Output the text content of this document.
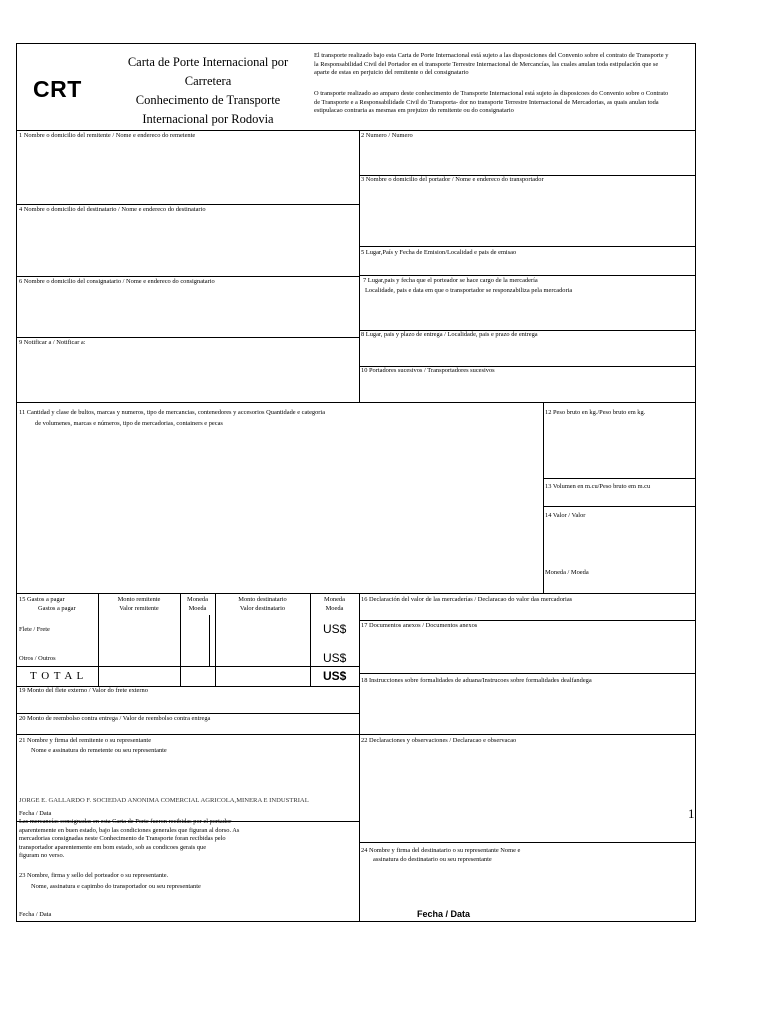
CRT
Carta de Porte Internacional por
Carretera
Conhecimento de Transporte
Internacional por Rodovia
El transporte realizado bajo esta Carta de Porte Internacional está sujeto a las disposiciones del Convenio sobre el contrato de Transporte y la Responsabilidad Civil del Portador en el transporte Terrestre Internacional de Mercancías, las cuales anulan toda estipulación que se aparte de estas en perjuicio del remitente o del consignatario
O transporte realizado ao amparo deste conhecimento de Transporte Internacional está sujeto às disposicoes do Convenio sobre o Contrato de Transporte e a Responsabilidade Civil do Transporta- dor no transporte Terrestre Internacional de Mercadorias, as quais anulan toda estipulacao contraria as mesmas em prejuizo do remitente ou do consignatario
1 Nombre o domicilio del remitente / Nome e endereco do remetente	2 Numero / Numero
3 Nombre o domicilio del portador / Nome e endereco do transportador
4 Nombre o domicilio del destinatario / Nome e endereco do destinatario
5 Lugar,País y Fecha de Emision/Localidad e pais de emisao
6 Nombre o domicilio del consignatario / Nome e endereco do consignatario	7 Lugar,pais y fecha que el porteador se hace cargo de la mercadería
Localidade, pais e data em que o transportador se responzabiliza pela mercadoria
8 Lugar, pais y plazo de entrega / Localidade, pais e prazo de entrega
9 Notificar a / Notificar a:
10 Portadores sucesivos / Transportadores sucesivos
11 Cantidad y clase de bultos, marcas y numeros, tipo de mercancias, contenedores y accesorios Quantidade e categoria
de volumenes, marcas e números, tipo de mercadorias, containers e pecas
12 Peso bruto en kg./Peso bruto em kg.
13 Volumen en m.cu/Peso bruto em m.cu
14 Valor / Valor
Moneda / Moeda
15 Gastos a pagar
Gastos a pagar
Monto remitente
Valor remitente
Moneda
Moeda
Monto destinatario
Valor destinatario
Moneda
Moeda
Flete / Frete
Otros / Outros
T O T A L
US$
US$
US$
16 Declaración del valor de las mercaderías / Declaracao do valor das mercadorias
17 Documentos anexos / Documentos anexos
18 Instrucciones sobre formalidades de aduana/Instrucoes sobre formalidades dealfandega
19 Monto del flete externo / Valor do frete externo
20 Monto de reembolso contra entrega / Valor de reembolso contra entrega
21 Nombre y firma del remitente o su representante
Nome e assinatura do remetente ou seu representante
JORGE E. GALLARDO F. SOCIEDAD ANONIMA COMERCIAL AGRICOLA,MINERA E INDUSTRIAL
Fecha / Data
22 Declaraciones y observaciones / Declaracao e observacao
1
Las mercancías consignadas en esta Carta de Porte fueron recibidas por el portador
aparentemente en buen estado, bajo las condiciones generales que figuran al dorso. As
mercadorias consignadas neste Conhecimento de Transporte foran recibidas pelo
transportador aparentemente em bom estado, sob as condicoes gerais que
figuram no verso.
23 Nombre, firma y sello del porteador o su representante.
Nome, assinatura e capimbo do transportador ou seu representante
Fecha / Data
24 Nombre y firma del destinatario o su representante Nome e
assinatura do destinatario ou seu representante
Fecha / Data
